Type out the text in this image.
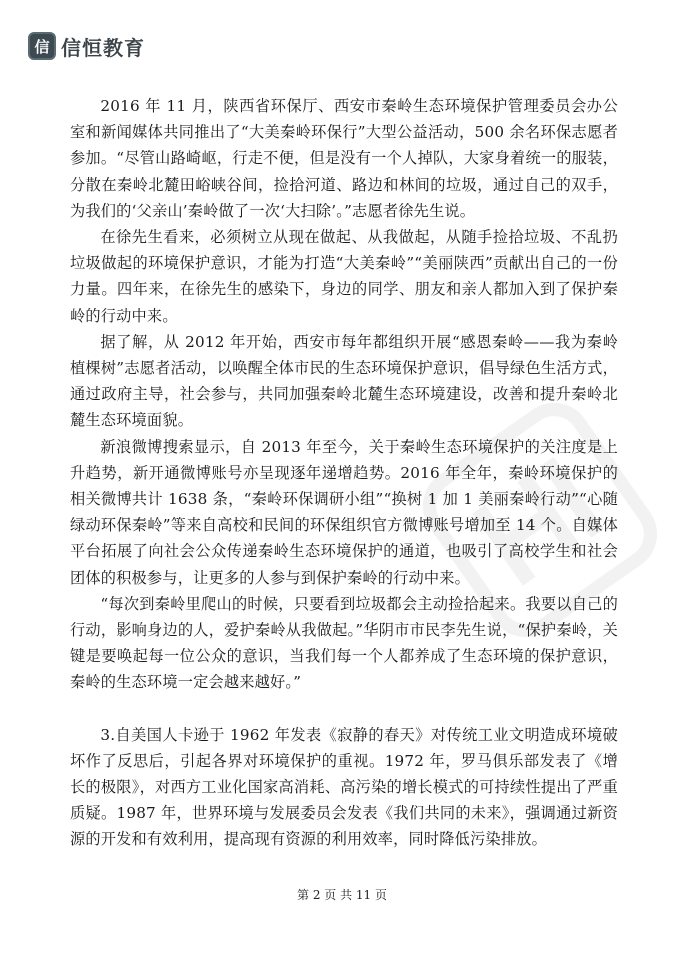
信 信恒教育

2016 年 11 月，陕西省环保厅、西安市秦岭生态环境保护管理委员会办公室和新闻媒体共同推出了“大美秦岭环保行”大型公益活动，500 余名环保志愿者参加。“尽管山路崎岖，行走不便，但是没有一个人掉队，大家身着统一的服装，分散在秦岭北麓田峪峡谷间，捡拾河道、路边和林间的垃圾，通过自己的双手，为我们的‘父亲山’秦岭做了一次‘大扫除’。”志愿者徐先生说。

在徐先生看来，必须树立从现在做起、从我做起，从随手捡拾垃圾、不乱扔垃圾做起的环境保护意识，才能为打造“大美秦岭”“美丽陕西”贡献出自己的一份力量。四年来，在徐先生的感染下，身边的同学、朋友和亲人都加入到了保护秦岭的行动中来。

据了解，从 2012 年开始，西安市每年都组织开展“感恩秦岭——我为秦岭植棵树”志愿者活动，以唤醒全体市民的生态环境保护意识，倡导绿色生活方式，通过政府主导，社会参与，共同加强秦岭北麓生态环境建设，改善和提升秦岭北麓生态环境面貌。

新浪微博搜索显示，自 2013 年至今，关于秦岭生态环境保护的关注度是上升趋势，新开通微博账号亦呈现逐年递增趋势。2016 年全年，秦岭环境保护的相关微博共计 1638 条，“秦岭环保调研小组”“换树 1 加 1 美丽秦岭行动”“心随绿动环保秦岭”等来自高校和民间的环保组织官方微博账号增加至 14 个。自媒体平台拓展了向社会公众传递秦岭生态环境保护的通道，也吸引了高校学生和社会团体的积极参与，让更多的人参与到保护秦岭的行动中来。

“每次到秦岭里爬山的时候，只要看到垃圾都会主动捡拾起来。我要以自己的行动，影响身边的人，爱护秦岭从我做起。”华阴市市民李先生说，“保护秦岭，关键是要唤起每一位公众的意识，当我们每一个人都养成了生态环境的保护意识，秦岭的生态环境一定会越来越好。”

3.自美国人卡逊于 1962 年发表《寂静的春天》对传统工业文明造成环境破坏作了反思后，引起各界对环境保护的重视。1972 年，罗马俱乐部发表了《增长的极限》，对西方工业化国家高消耗、高污染的增长模式的可持续性提出了严重质疑。1987 年，世界环境与发展委员会发表《我们共同的未来》，强调通过新资源的开发和有效利用，提高现有资源的利用效率，同时降低污染排放。

第 2 页 共 11 页
